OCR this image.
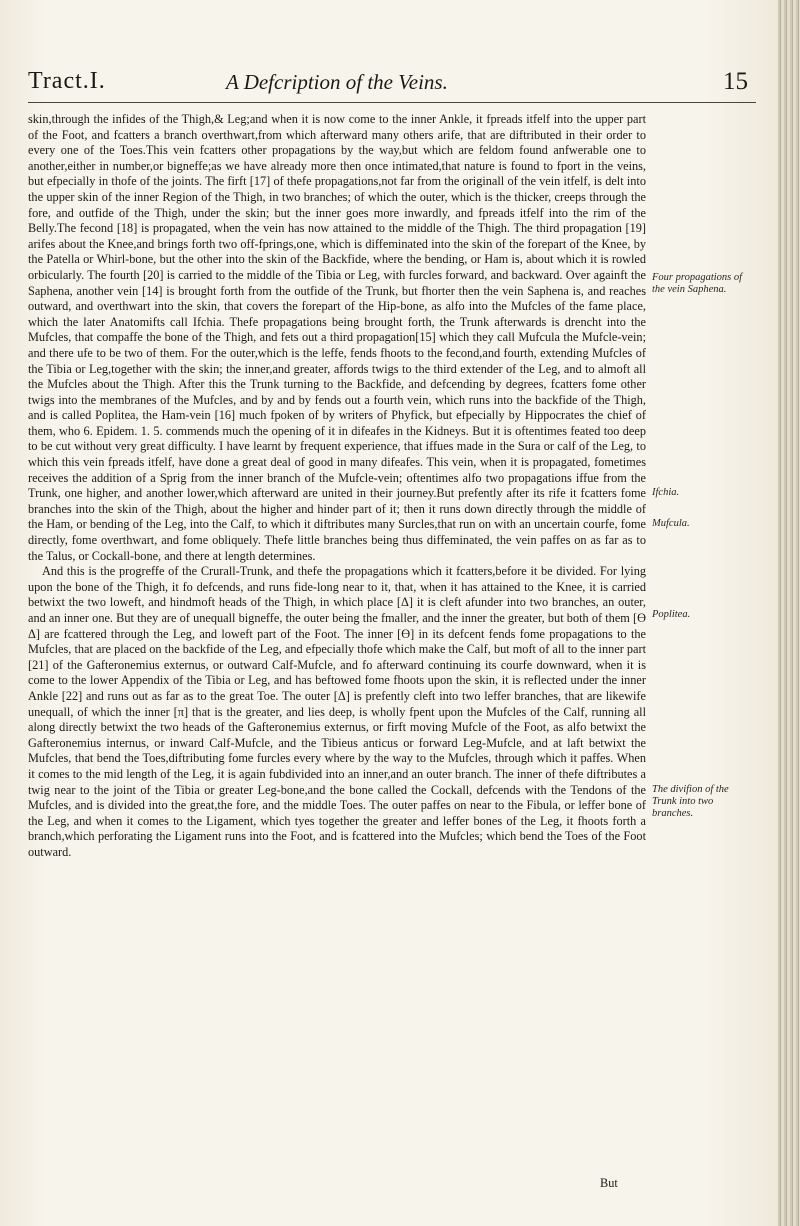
Tract.I.	A Defcription of the Veins.	15

skin,through the infides of the Thigh,& Leg;and when it is now come to the inner Ankle, it fpreads itfelf into the upper part of the Foot, and fcatters a branch overthwart,from which afterward many others arife, that are diftributed in their order to every one of the Toes.This vein fcatters other propagations by the way,but which are feldom found anfwerable one to another,either in number,or bigneffe;as we have already more then once intimated,that nature is found to fport in the veins, but efpecially in thofe of the joints. The firft [17] of thefe propagations,not far from the originall of the vein itfelf, is delt into the upper skin of the inner Region of the Thigh, in two branches; of which the outer, which is the thicker, creeps through the fore, and outfide of the Thigh, under the skin; but the inner goes more inwardly, and fpreads itfelf into the rim of the Belly.The fecond [18] is propagated, when the vein has now attained to the middle of the Thigh. The third propagation [19] arifes about the Knee,and brings forth two off-fprings,one, which is diffeminated into the skin of the forepart of the Knee, by the Patella or Whirl-bone, but the other into the skin of the Backfide, where the bending, or Ham is, about which it is rowled orbicularly. The fourth [20] is carried to the middle of the Tibia or Leg, with furcles forward, and backward. Over againft the Saphena, another vein [14] is brought forth from the outfide of the Trunk, but fhorter then the vein Saphena is, and reaches outward, and overthwart into the skin, that covers the forepart of the Hip-bone, as alfo into the Mufcles of the fame place, which the later Anatomifts call Ifchia. Thefe propagations being brought forth, the Trunk afterwards is drencht into the Mufcles, that compaffe the bone of the Thigh, and fets out a third propagation[15] which they call Mufcula the Mufcle-vein; and there ufe to be two of them. For the outer,which is the leffe, fends fhoots to the fecond,and fourth, extending Mufcles of the Tibia or Leg,together with the skin; the inner,and greater, affords twigs to the third extender of the Leg, and to almoft all the Mufcles about the Thigh. After this the Trunk turning to the Backfide, and defcending by degrees, fcatters fome other twigs into the membranes of the Mufcles, and by and by fends out a fourth vein, which runs into the backfide of the Thigh, and is called Poplitea, the Ham-vein [16] much fpoken of by writers of Phyfick, but efpecially by Hippocrates the chief of them, who 6. Epidem. 1. 5. commends much the opening of it in difeafes in the Kidneys. But it is oftentimes feated too deep to be cut without very great difficulty. I have learnt by frequent experience, that iffues made in the Sura or calf of the Leg, to which this vein fpreads itfelf, have done a great deal of good in many difeafes. This vein, when it is propagated, fometimes receives the addition of a Sprig from the inner branch of the Mufcle-vein; oftentimes alfo two propagations iffue from the Trunk, one higher, and another lower,which afterward are united in their journey.But prefently after its rife it fcatters fome branches into the skin of the Thigh, about the higher and hinder part of it; then it runs down directly through the middle of the Ham, or bending of the Leg, into the Calf, to which it diftributes many Surcles,that run on with an uncertain courfe, fome directly, fome overthwart, and fome obliquely. Thefe little branches being thus diffeminated, the vein paffes on as far as to the Talus, or Cockall-bone, and there at length determines.

And this is the progreffe of the Crurall-Trunk, and thefe the propagations which it fcatters,before it be divided. For lying upon the bone of the Thigh, it fo defcends, and runs fide-long near to it, that, when it has attained to the Knee, it is carried betwixt the two loweft, and hindmoft heads of the Thigh, in which place [Δ] it is cleft afunder into two branches, an outer, and an inner one. But they are of unequall bigneffe, the outer being the fmaller, and the inner the greater, but both of them [ϴ Δ] are fcattered through the Leg, and loweft part of the Foot. The inner [ϴ] in its defcent fends fome propagations to the Mufcles, that are placed on the backfide of the Leg, and efpecially thofe which make the Calf, but moft of all to the inner part [21] of the Gafteronemius externus, or outward Calf-Mufcle, and fo afterward continuing its courfe downward, when it is come to the lower Appendix of the Tibia or Leg, and has beftowed fome fhoots upon the skin, it is reflected under the inner Ankle [22] and runs out as far as to the great Toe. The outer [Δ] is prefently cleft into two leffer branches, that are likewife unequall, of which the inner [π] that is the greater, and lies deep, is wholly fpent upon the Mufcles of the Calf, running all along directly betwixt the two heads of the Gafteronemius externus, or firft moving Mufcle of the Foot, as alfo betwixt the Gafteronemius internus, or inward Calf-Mufcle, and the Tibieus anticus or forward Leg-Mufcle, and at laft betwixt the Mufcles, that bend the Toes,diftributing fome furcles every where by the way to the Mufcles, through which it paffes. When it comes to the mid length of the Leg, it is again fubdivided into an inner,and an outer branch. The inner of thefe diftributes a twig near to the joint of the Tibia or greater Leg-bone,and the bone called the Cockall, defcends with the Tendons of the Mufcles, and is divided into the great,the fore, and the middle Toes. The outer paffes on near to the Fibula, or leffer bone of the Leg, and when it comes to the Ligament, which tyes together the greater and leffer bones of the Leg, it fhoots forth a branch,which perforating the Ligament runs into the Foot, and is fcattered into the Mufcles; which bend the Toes of the Foot outward.

Four propagations of the vein Saphena.
Ifchia.
Mufcula.
Poplitea.
The divifion of the Trunk into two branches.
But
